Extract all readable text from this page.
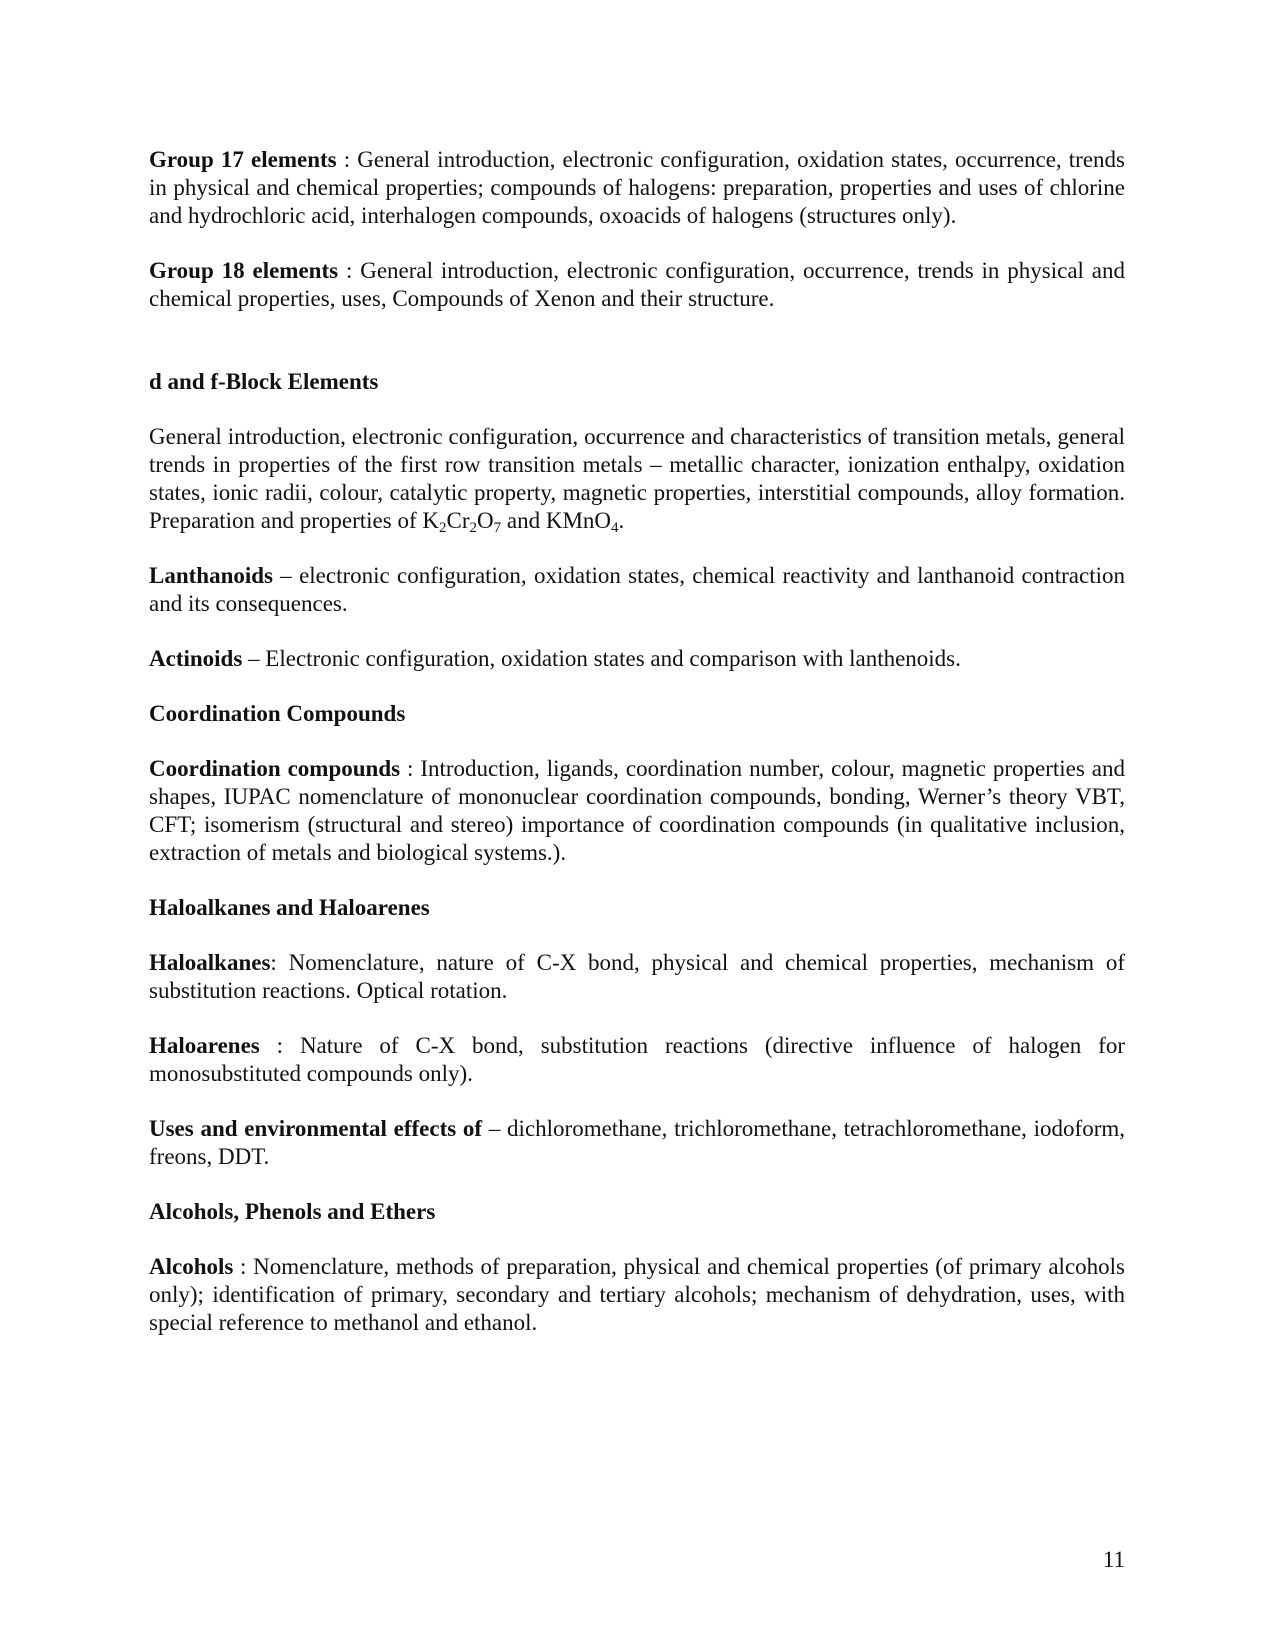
Group 17 elements : General introduction, electronic configuration, oxidation states, occurrence, trends in physical and chemical properties; compounds of halogens: preparation, properties and uses of chlorine and hydrochloric acid, interhalogen compounds, oxoacids of halogens (structures only).

Group 18 elements : General introduction, electronic configuration, occurrence, trends in physical and chemical properties, uses, Compounds of Xenon and their structure.

d and f-Block Elements

General introduction, electronic configuration, occurrence and characteristics of transition metals, general trends in properties of the first row transition metals – metallic character, ionization enthalpy, oxidation states, ionic radii, colour, catalytic property, magnetic properties, interstitial compounds, alloy formation. Preparation and properties of $K_2Cr_2O_7$ and KMnO$_4$.

Lanthanoids – electronic configuration, oxidation states, chemical reactivity and lanthanoid contraction and its consequences.

Actinoids – Electronic configuration, oxidation states and comparison with lanthenoids.

Coordination Compounds

Coordination compounds : Introduction, ligands, coordination number, colour, magnetic properties and shapes, IUPAC nomenclature of mononuclear coordination compounds, bonding, Werner’s theory VBT, CFT; isomerism (structural and stereo) importance of coordination compounds (in qualitative inclusion, extraction of metals and biological systems.).

Haloalkanes and Haloarenes

Haloalkanes: Nomenclature, nature of C-X bond, physical and chemical properties, mechanism of substitution reactions. Optical rotation.

Haloarenes : Nature of C-X bond, substitution reactions (directive influence of halogen for monosubstituted compounds only).

Uses and environmental effects of – dichloromethane, trichloromethane, tetrachloromethane, iodoform, freons, DDT.

Alcohols, Phenols and Ethers

Alcohols : Nomenclature, methods of preparation, physical and chemical properties (of primary alcohols only); identification of primary, secondary and tertiary alcohols; mechanism of dehydration, uses, with special reference to methanol and ethanol.

11
